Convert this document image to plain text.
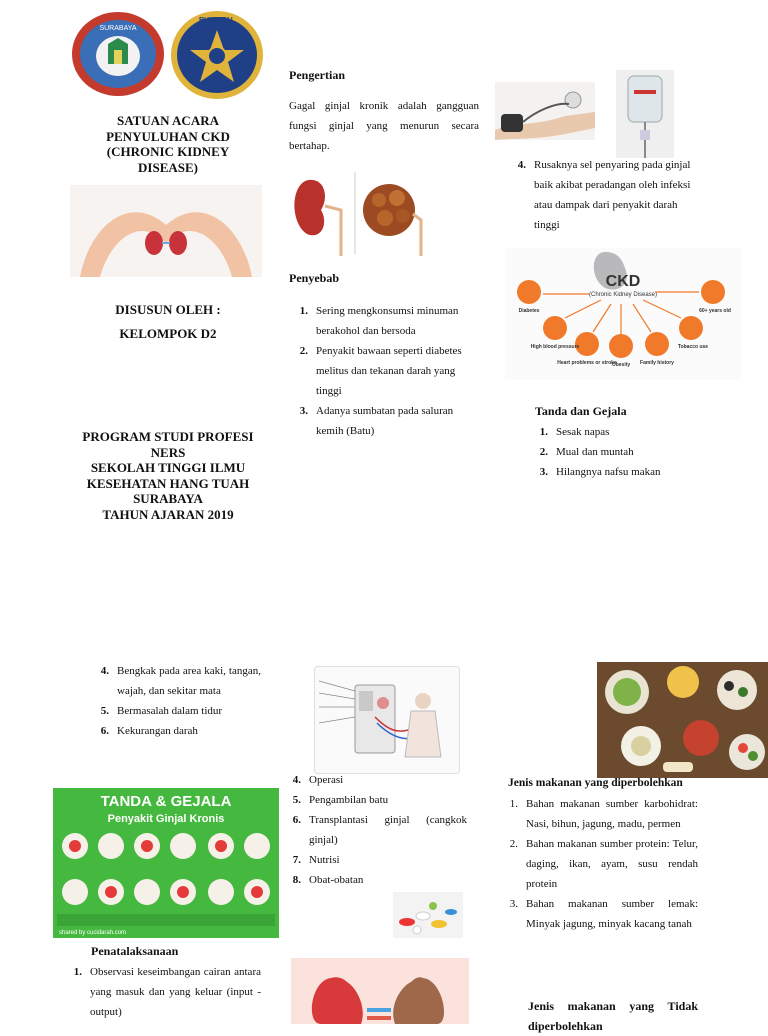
SURABAYA
RUMKITAL
SATUAN ACARA
PENYULUHAN CKD
(CHRONIC KIDNEY
DISEASE)
DISUSUN OLEH :
KELOMPOK D2
PROGRAM STUDI PROFESI
NERS
SEKOLAH TINGGI ILMU
KESEHATAN HANG TUAH
SURABAYA
TAHUN AJARAN 2019
Pengertian

Gagal ginjal kronik adalah gangguan fungsi ginjal yang menurun secara bertahap.

Penyebab
1. Sering mengkonsumsi minuman berakohol dan bersoda
2. Penyakit bawaan seperti diabetes melitus dan tekanan darah yang tinggi
3. Adanya sumbatan pada saluran kemih (Batu)
4. Rusaknya sel penyaring pada ginjal baik akibat peradangan oleh infeksi atau dampak dari penyakit darah tinggi
CKD
(Chronic Kidney Disease)
Diabetes
High blood pressure
Heart problems or stroke
Obesity Family history
Tobacco use
60+ years old
Tanda dan Gejala
1. Sesak napas
2. Mual dan muntah
3. Hilangnya nafsu makan
4. Bengkak pada area kaki, tangan, wajah, dan sekitar mata
5. Bermasalah dalam tidur
6. Kekurangan darah
TANDA & GEJALA
Penyakit Ginjal Kronis
shared by cucidarah.com
Penatalaksanaan
1. Observasi keseimbangan cairan antara yang masuk dan yang keluar (input - output)
4. Operasi
5. Pengambilan batu
6. Transplantasi ginjal (cangkok ginjal)
7. Nutrisi
8. Obat-obatan
Jenis makanan yang diperbolehkan
1. Bahan makanan sumber karbohidrat: Nasi, bihun, jagung, madu, permen
2. Bahan makanan sumber protein: Telur, daging, ikan, ayam, susu rendah protein
3. Bahan makanan sumber lemak: Minyak jagung, minyak kacang tanah
Jenis makanan yang Tidak diperbolehkan
